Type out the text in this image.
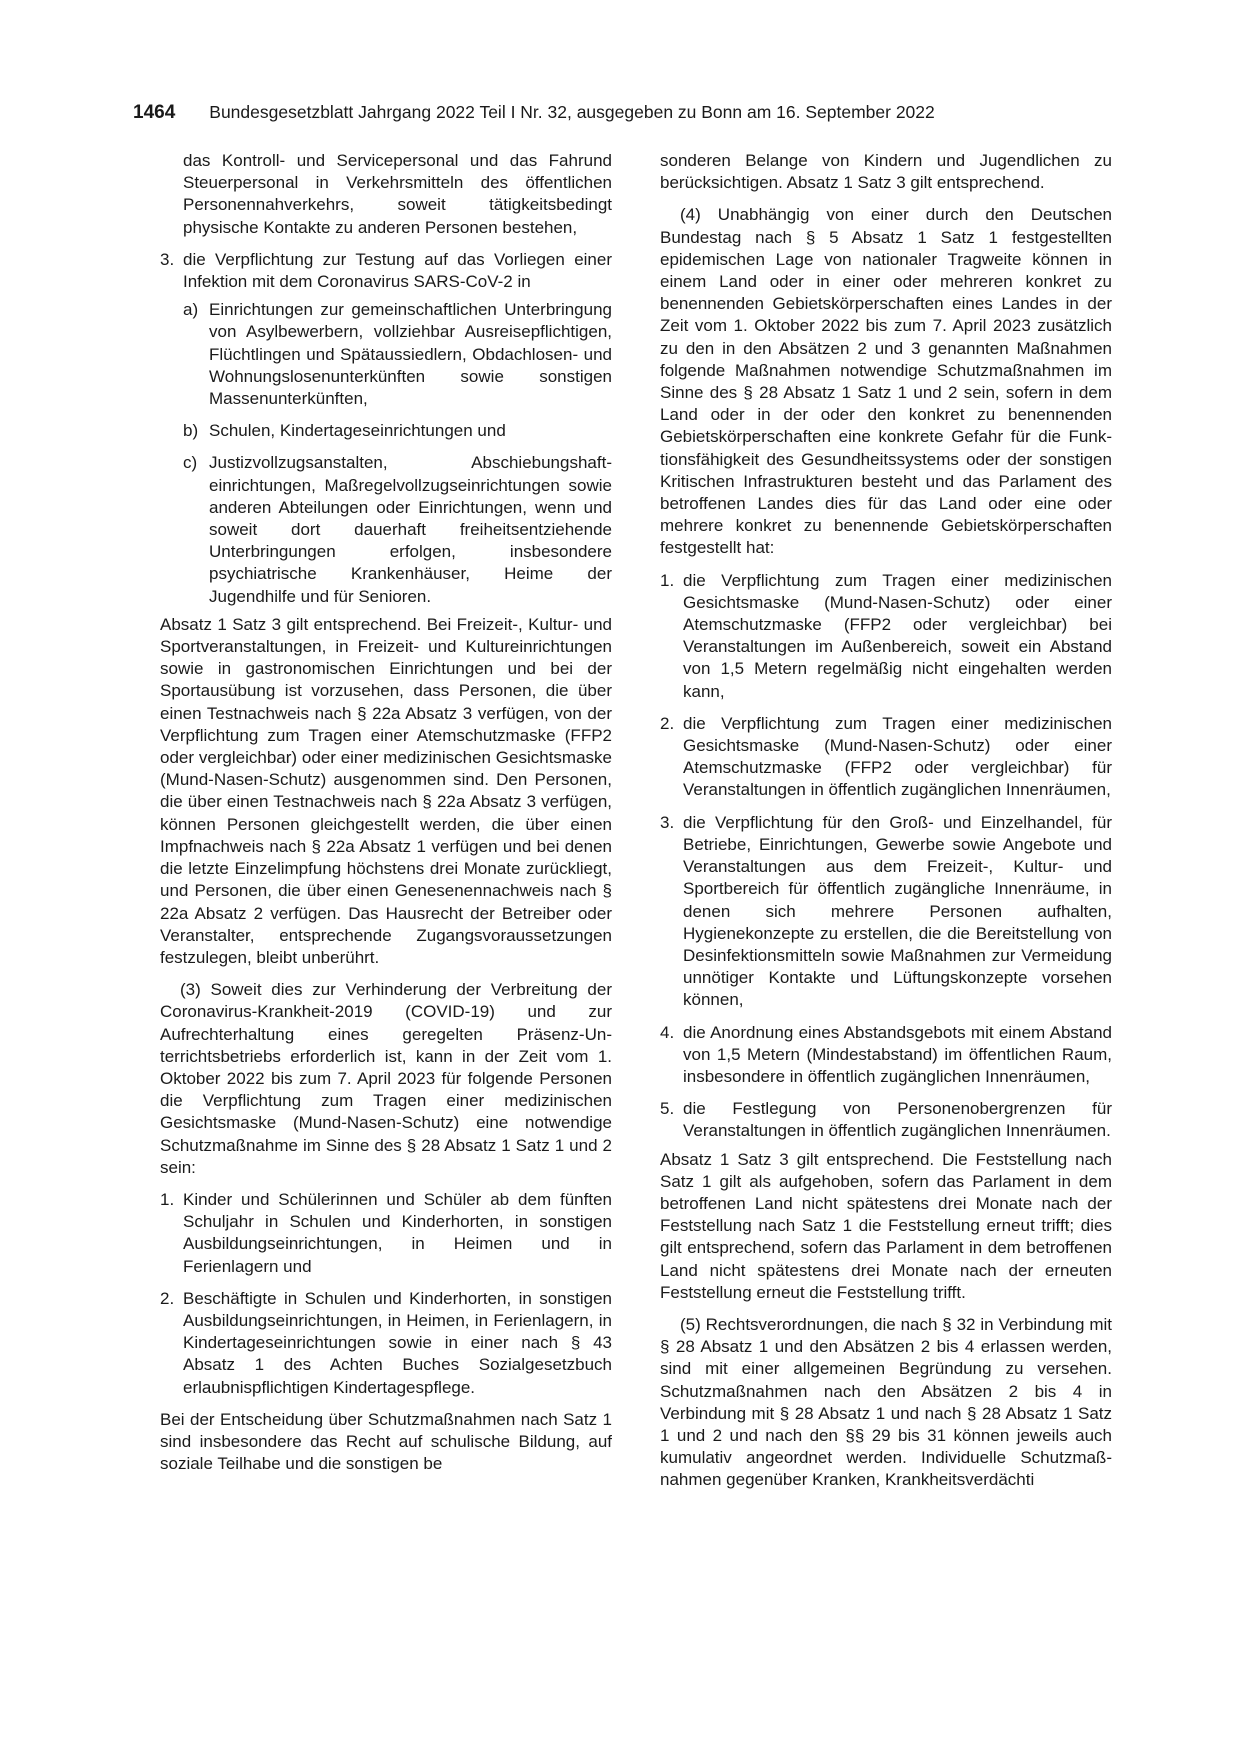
1464 Bundesgesetzblatt Jahrgang 2022 Teil I Nr. 32, ausgegeben zu Bonn am 16. September 2022
das Kontroll- und Servicepersonal und das Fahrund Steuerpersonal in Verkehrsmitteln des öffentlichen Personennahverkehrs, soweit tätigkeitsbedingt physische Kontakte zu anderen Personen bestehen,
3. die Verpflichtung zur Testung auf das Vorliegen einer Infektion mit dem Coronavirus SARS-CoV-2 in
a) Einrichtungen zur gemeinschaftlichen Unterbringung von Asylbewerbern, vollziehbar Ausreisepflichtigen, Flüchtlingen und Spätaussiedlern, Obdachlosen- und Wohnungslosenunterkünften sowie sonstigen Massenunterkünften,
b) Schulen, Kindertageseinrichtungen und
c) Justizvollzugsanstalten, Abschiebungshafteinrichtungen, Maßregelvollzugseinrichtungen sowie anderen Abteilungen oder Einrichtungen, wenn und soweit dort dauerhaft freiheitsentziehende Unterbringungen erfolgen, insbesondere psychiatrische Krankenhäuser, Heime der Jugendhilfe und für Senioren.

Absatz 1 Satz 3 gilt entsprechend. Bei Freizeit-, Kultur- und Sportveranstaltungen, in Freizeit- und Kultureinrichtungen sowie in gastronomischen Einrichtungen und bei der Sportausübung ist vorzusehen, dass Personen, die über einen Testnachweis nach § 22a Absatz 3 verfügen, von der Verpflichtung zum Tragen einer Atemschutzmaske (FFP2 oder vergleichbar) oder einer medizinischen Gesichtsmaske (Mund-Nasen-Schutz) ausgenommen sind. Den Personen, die über einen Testnachweis nach § 22a Absatz 3 verfügen, können Personen gleichgestellt werden, die über einen Impfnachweis nach § 22a Absatz 1 verfügen und bei denen die letzte Einzelimpfung höchstens drei Monate zurückliegt, und Personen, die über einen Genesenennachweis nach § 22a Absatz 2 verfügen. Das Hausrecht der Betreiber oder Veranstalter, entsprechende Zugangsvoraussetzungen festzulegen, bleibt unberührt.

(3) Soweit dies zur Verhinderung der Verbreitung der Coronavirus-Krankheit-2019 (COVID-19) und zur Aufrechterhaltung eines geregelten Präsenz-Unterrichtsbetriebs erforderlich ist, kann in der Zeit vom 1. Oktober 2022 bis zum 7. April 2023 für folgende Personen die Verpflichtung zum Tragen einer medizinischen Gesichtsmaske (Mund-Nasen-Schutz) eine notwendige Schutzmaßnahme im Sinne des § 28 Absatz 1 Satz 1 und 2 sein:

1. Kinder und Schülerinnen und Schüler ab dem fünften Schuljahr in Schulen und Kinderhorten, in sonstigen Ausbildungseinrichtungen, in Heimen und in Ferienlagern und
2. Beschäftigte in Schulen und Kinderhorten, in sonstigen Ausbildungseinrichtungen, in Heimen, in Ferienlagern, in Kindertageseinrichtungen sowie in einer nach § 43 Absatz 1 des Achten Buches Sozialgesetzbuch erlaubnispflichtigen Kindertagespflege.

Bei der Entscheidung über Schutzmaßnahmen nach Satz 1 sind insbesondere das Recht auf schulische Bildung, auf soziale Teilhabe und die sonstigen be

sonderen Belange von Kindern und Jugendlichen zu berücksichtigen. Absatz 1 Satz 3 gilt entsprechend.

(4) Unabhängig von einer durch den Deutschen Bundestag nach § 5 Absatz 1 Satz 1 festgestellten epidemischen Lage von nationaler Tragweite können in einem Land oder in einer oder mehreren konkret zu benennenden Gebietskörperschaften eines Landes in der Zeit vom 1. Oktober 2022 bis zum 7. April 2023 zusätzlich zu den in den Absätzen 2 und 3 genannten Maßnahmen folgende Maßnahmen notwendige Schutzmaßnahmen im Sinne des § 28 Absatz 1 Satz 1 und 2 sein, sofern in dem Land oder in der oder den konkret zu benennenden Gebietskörperschaften eine konkrete Gefahr für die Funktionsfähigkeit des Gesundheitssystems oder der sonstigen Kritischen Infrastrukturen besteht und das Parlament des betroffenen Landes dies für das Land oder eine oder mehrere konkret zu benennende Gebietskörperschaften festgestellt hat:

1. die Verpflichtung zum Tragen einer medizinischen Gesichtsmaske (Mund-Nasen-Schutz) oder einer Atemschutzmaske (FFP2 oder vergleichbar) bei Veranstaltungen im Außenbereich, soweit ein Abstand von 1,5 Metern regelmäßig nicht eingehalten werden kann,
2. die Verpflichtung zum Tragen einer medizinischen Gesichtsmaske (Mund-Nasen-Schutz) oder einer Atemschutzmaske (FFP2 oder vergleichbar) für Veranstaltungen in öffentlich zugänglichen Innenräumen,
3. die Verpflichtung für den Groß- und Einzelhandel, für Betriebe, Einrichtungen, Gewerbe sowie Angebote und Veranstaltungen aus dem Freizeit-, Kultur- und Sportbereich für öffentlich zugängliche Innenräume, in denen sich mehrere Personen aufhalten, Hygienekonzepte zu erstellen, die die Bereitstellung von Desinfektionsmitteln sowie Maßnahmen zur Vermeidung unnötiger Kontakte und Lüftungskonzepte vorsehen können,
4. die Anordnung eines Abstandsgebots mit einem Abstand von 1,5 Metern (Mindestabstand) im öffentlichen Raum, insbesondere in öffentlich zugänglichen Innenräumen,
5. die Festlegung von Personenobergrenzen für Veranstaltungen in öffentlich zugänglichen Innenräumen.

Absatz 1 Satz 3 gilt entsprechend. Die Feststellung nach Satz 1 gilt als aufgehoben, sofern das Parlament in dem betroffenen Land nicht spätestens drei Monate nach der Feststellung nach Satz 1 die Feststellung erneut trifft; dies gilt entsprechend, sofern das Parlament in dem betroffenen Land nicht spätestens drei Monate nach der erneuten Feststellung erneut die Feststellung trifft.

(5) Rechtsverordnungen, die nach § 32 in Verbindung mit § 28 Absatz 1 und den Absätzen 2 bis 4 erlassen werden, sind mit einer allgemeinen Begründung zu versehen. Schutzmaßnahmen nach den Absätzen 2 bis 4 in Verbindung mit § 28 Absatz 1 und nach § 28 Absatz 1 Satz 1 und 2 und nach den §§ 29 bis 31 können jeweils auch kumulativ angeordnet werden. Individuelle Schutzmaßnahmen gegenüber Kranken, Krankheitsverdächti
